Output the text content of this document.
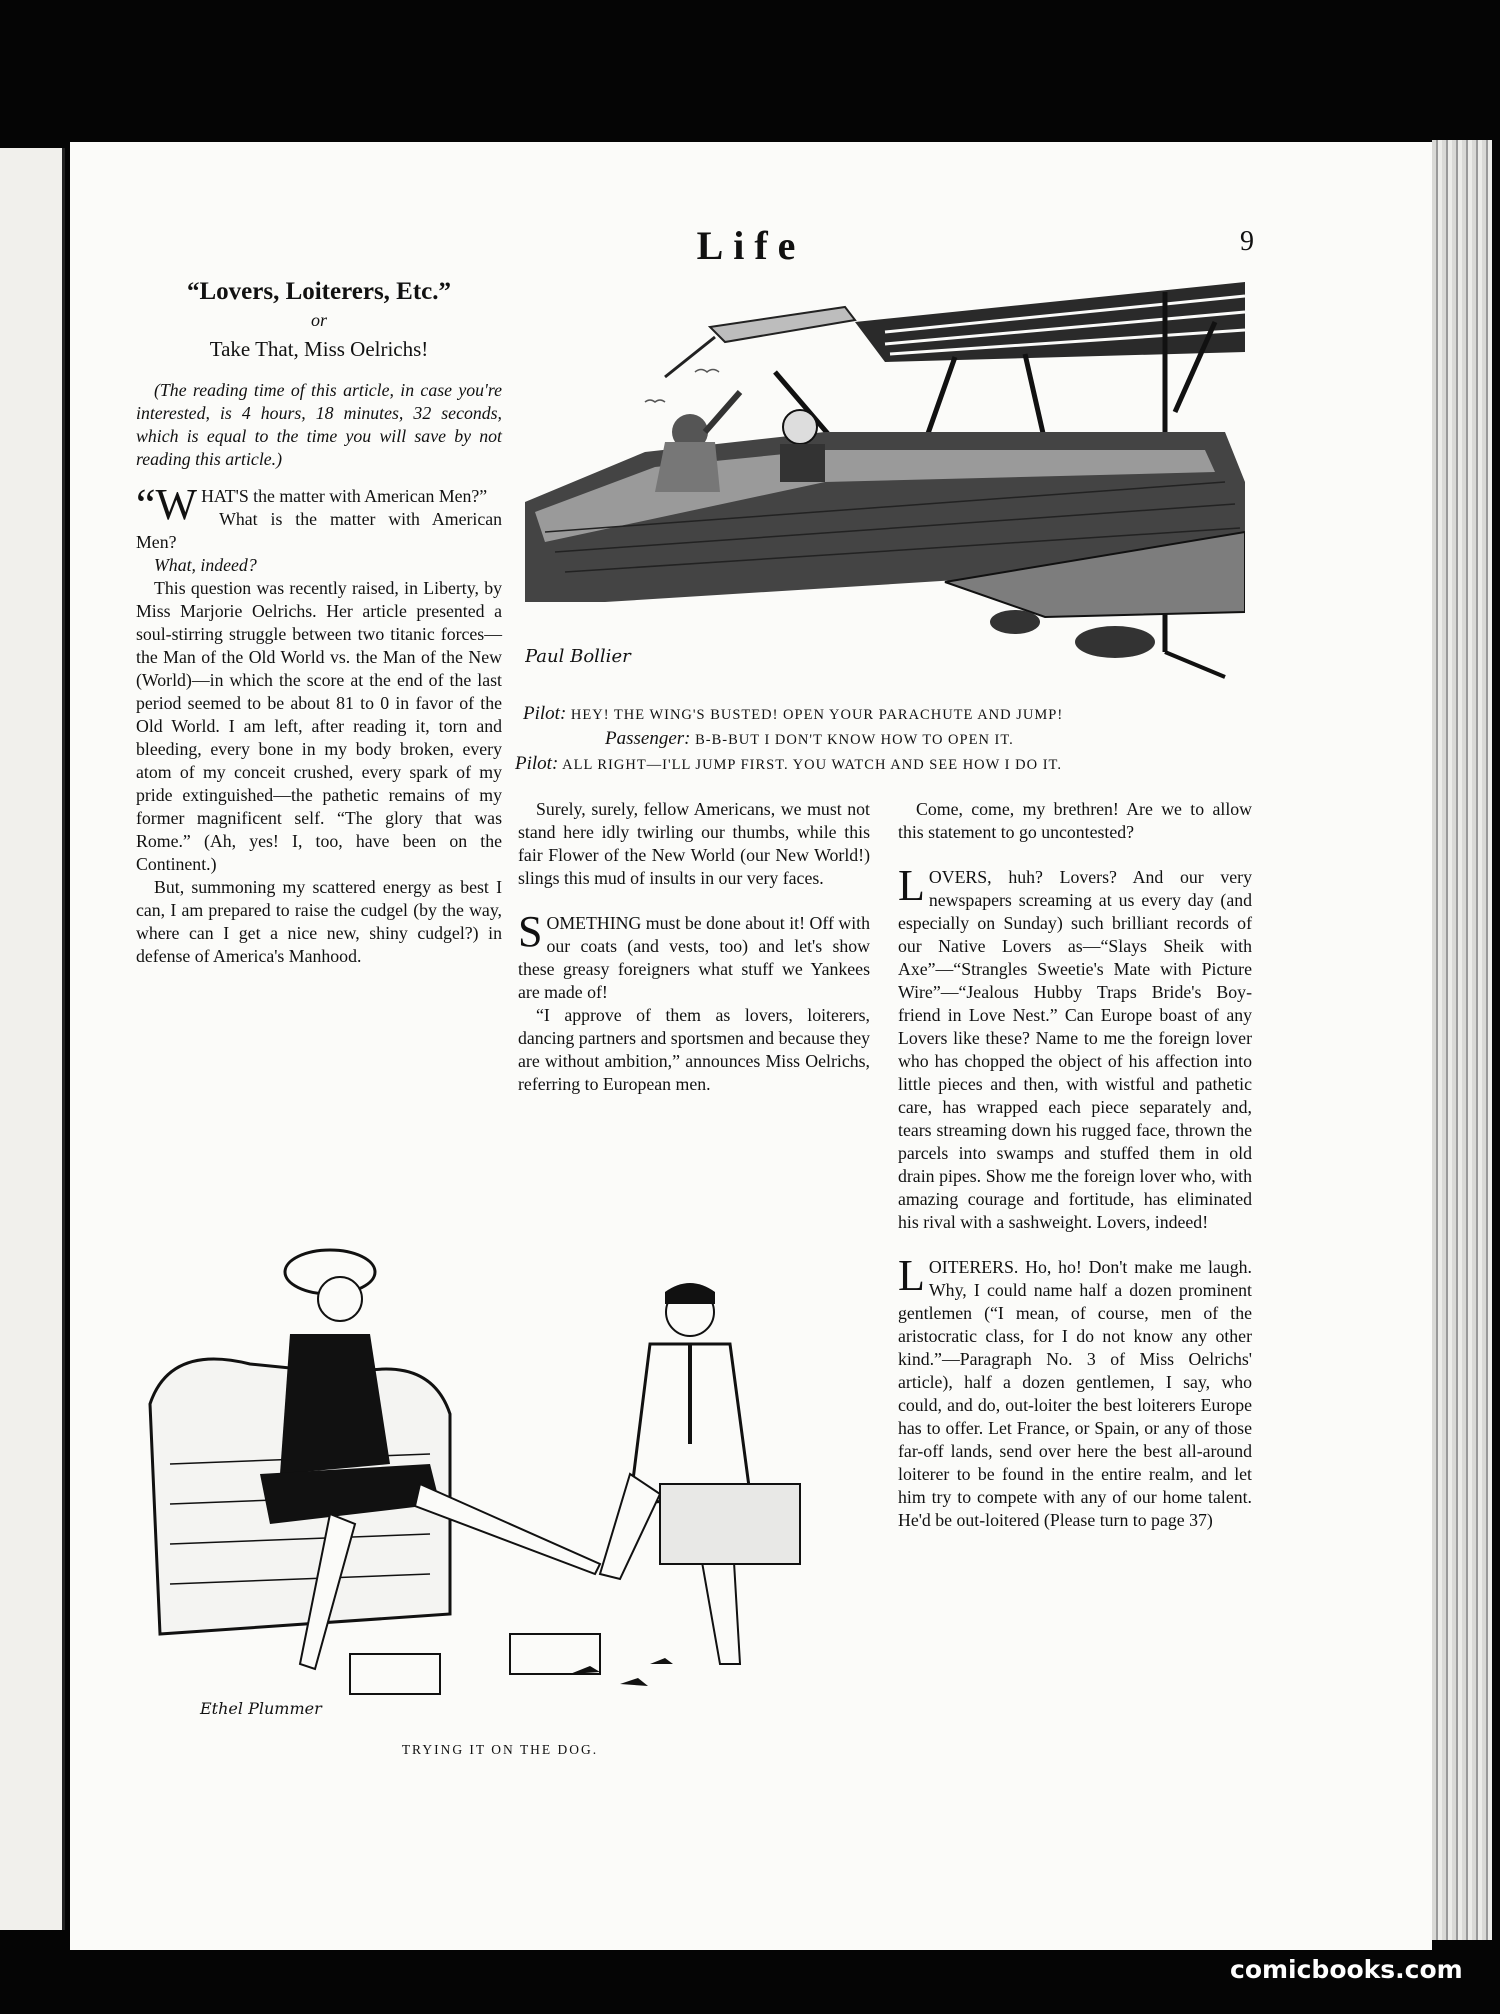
Life	9
“Lovers, Loiterers, Etc.”
or
Take That, Miss Oelrichs!

(The reading time of this article, in case you're interested, is 4 hours, 18 minutes, 32 seconds, which is equal to the time you will save by not reading this article.)

“WHAT'S the matter with American Men?”

What is the matter with American Men?

What, indeed?

This question was recently raised, in Liberty, by Miss Marjorie Oelrichs. Her article presented a soul-stirring struggle between two titanic forces—the Man of the Old World vs. the Man of the New (World)—in which the score at the end of the last period seemed to be about 81 to 0 in favor of the Old World. I am left, after reading it, torn and bleeding, every bone in my body broken, every atom of my conceit crushed, every spark of my pride extinguished—the pathetic remains of my former magnificent self. “The glory that was Rome.” (Ah, yes! I, too, have been on the Continent.)

But, summoning my scattered energy as best I can, I am prepared to raise the cudgel (by the way, where can I get a nice new, shiny cudgel?) in defense of America's Manhood.

Paul Bollier
Pilot: HEY! THE WING'S BUSTED! OPEN YOUR PARACHUTE AND JUMP!
Passenger: B-B-BUT I DON'T KNOW HOW TO OPEN IT.
Pilot: ALL RIGHT—I'LL JUMP FIRST. YOU WATCH AND SEE HOW I DO IT.

Surely, surely, fellow Americans, we must not stand here idly twirling our thumbs, while this fair Flower of the New World (our New World!) slings this mud of insults in our very faces.

SOMETHING must be done about it! Off with our coats (and vests, too) and let's show these greasy foreigners what stuff we Yankees are made of!

“I approve of them as lovers, loiterers, dancing partners and sportsmen and because they are without ambition,” announces Miss Oelrichs, referring to European men.

Come, come, my brethren! Are we to allow this statement to go uncontested?

LOVERS, huh? Lovers? And our very newspapers screaming at us every day (and especially on Sunday) such brilliant records of our Native Lovers as—“Slays Sheik with Axe”—“Strangles Sweetie's Mate with Picture Wire”—“Jealous Hubby Traps Bride's Boy-friend in Love Nest.” Can Europe boast of any Lovers like these? Name to me the foreign lover who has chopped the object of his affection into little pieces and then, with wistful and pathetic care, has wrapped each piece separately and, tears streaming down his rugged face, thrown the parcels into swamps and stuffed them in old drain pipes. Show me the foreign lover who, with amazing courage and fortitude, has eliminated his rival with a sashweight. Lovers, indeed!

LOITERERS. Ho, ho! Don't make me laugh. Why, I could name half a dozen prominent gentlemen (“I mean, of course, men of the aristocratic class, for I do not know any other kind.”—Paragraph No. 3 of Miss Oelrichs' article), half a dozen gentlemen, I say, who could, and do, out-loiter the best loiterers Europe has to offer. Let France, or Spain, or any of those far-off lands, send over here the best all-around loiterer to be found in the entire realm, and let him try to compete with any of our home talent. He'd be out-loitered (Please turn to page 37)

Ethel Plummer
TRYING IT ON THE DOG.
comicbooks.com
